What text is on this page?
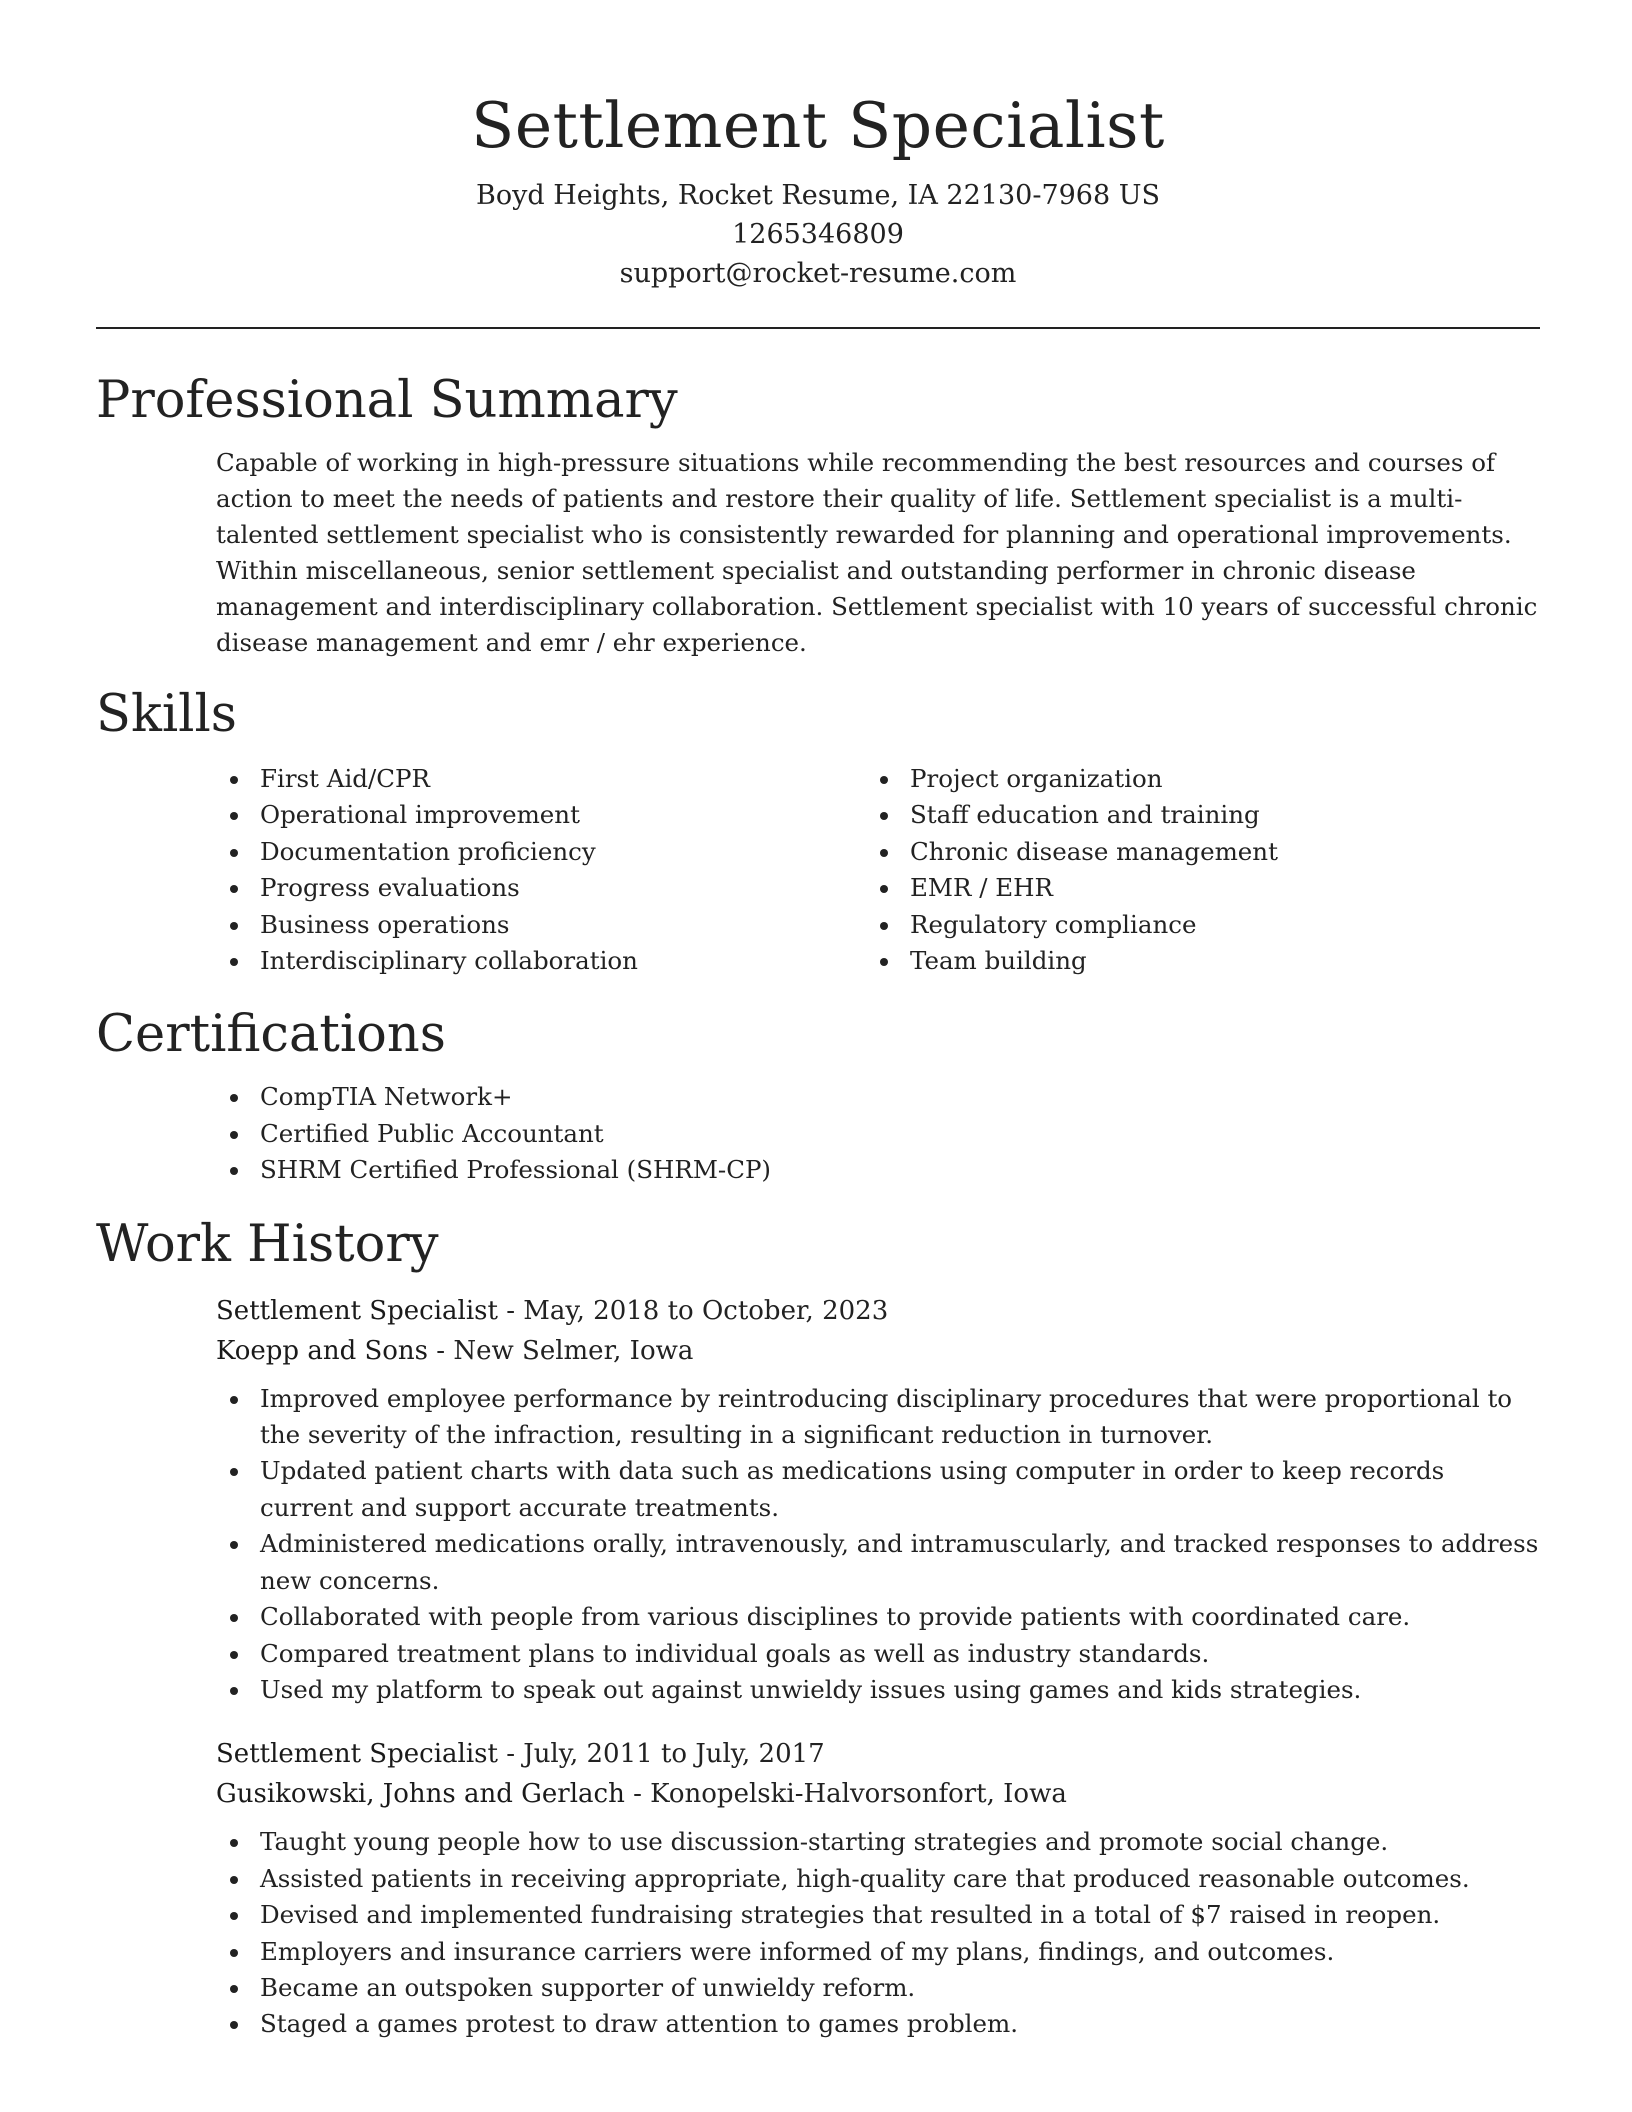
Settlement Specialist

Boyd Heights, Rocket Resume, IA 22130-7968 US

1265346809

support@rocket-resume.com

Professional Summary

Capable of working in high-pressure situations while recommending the best resources and courses of action to meet the needs of patients and restore their quality of life. Settlement specialist is a multi-talented settlement specialist who is consistently rewarded for planning and operational improvements. Within miscellaneous, senior settlement specialist and outstanding performer in chronic disease management and interdisciplinary collaboration. Settlement specialist with 10 years of successful chronic disease management and emr / ehr experience.

Skills
First Aid/CPR
Operational improvement
Documentation proficiency
Progress evaluations
Business operations
Interdisciplinary collaboration
Project organization
Staff education and training
Chronic disease management
EMR / EHR
Regulatory compliance
Team building
Certifications
CompTIA Network+
Certified Public Accountant
SHRM Certified Professional (SHRM-CP)
Work History

Settlement Specialist - May, 2018 to October, 2023

Koepp and Sons - New Selmer, Iowa

Improved employee performance by reintroducing disciplinary procedures that were proportional to the severity of the infraction, resulting in a significant reduction in turnover.
Updated patient charts with data such as medications using computer in order to keep records current and support accurate treatments.
Administered medications orally, intravenously, and intramuscularly, and tracked responses to address new concerns.
Collaborated with people from various disciplines to provide patients with coordinated care.
Compared treatment plans to individual goals as well as industry standards.
Used my platform to speak out against unwieldy issues using games and kids strategies.

Settlement Specialist - July, 2011 to July, 2017

Gusikowski, Johns and Gerlach - Konopelski-Halvorsonfort, Iowa

Taught young people how to use discussion-starting strategies and promote social change.
Assisted patients in receiving appropriate, high-quality care that produced reasonable outcomes.
Devised and implemented fundraising strategies that resulted in a total of $7 raised in reopen.
Employers and insurance carriers were informed of my plans, findings, and outcomes.
Became an outspoken supporter of unwieldy reform.
Staged a games protest to draw attention to games problem.
